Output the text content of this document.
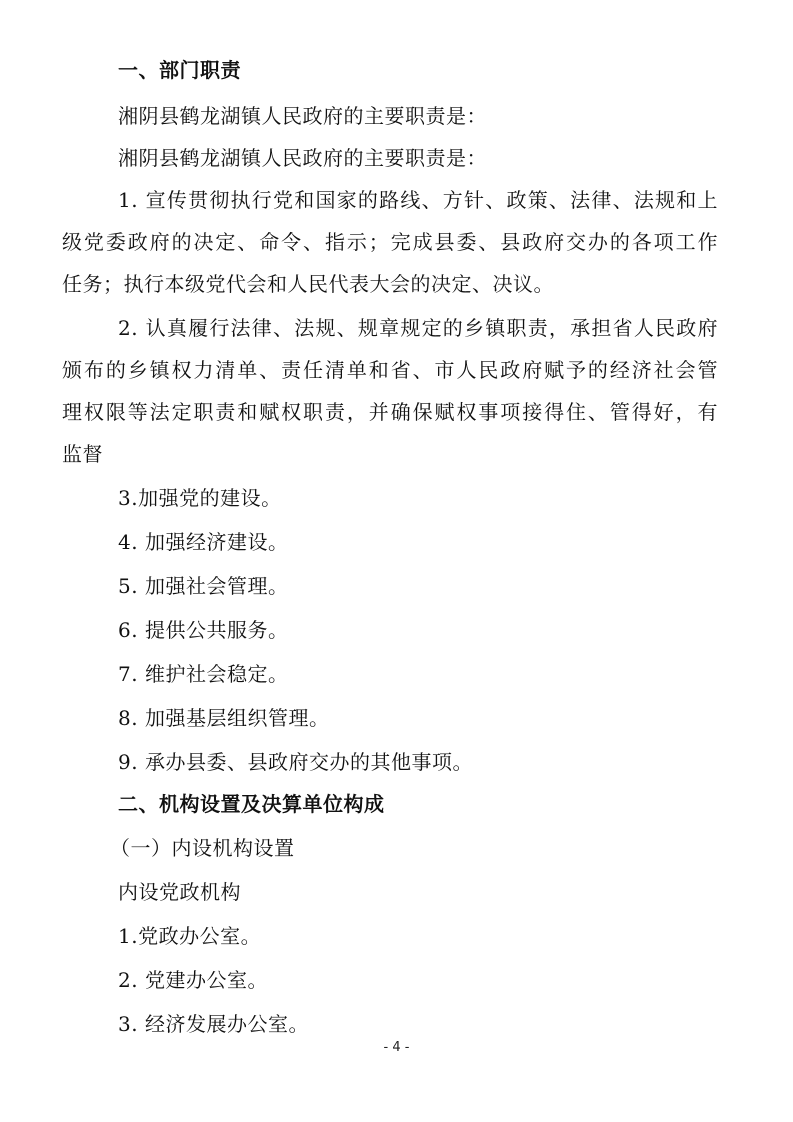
一、部门职责
湘阴县鹤龙湖镇人民政府的主要职责是：
湘阴县鹤龙湖镇人民政府的主要职责是：
1. 宣传贯彻执行党和国家的路线、方针、政策、法律、法规和上
级党委政府的决定、命令、指示；完成县委、县政府交办的各项工作
任务；执行本级党代会和人民代表大会的决定、决议。
2. 认真履行法律、法规、规章规定的乡镇职责，承担省人民政府
颁布的乡镇权力清单、责任清单和省、市人民政府赋予的经济社会管
理权限等法定职责和赋权职责，并确保赋权事项接得住、管得好，有
监督
3.加强党的建设。
4. 加强经济建设。
5. 加强社会管理。
6. 提供公共服务。
7. 维护社会稳定。
8. 加强基层组织管理。
9. 承办县委、县政府交办的其他事项。
二、机构设置及决算单位构成
（一）内设机构设置
内设党政机构
1.党政办公室。
2. 党建办公室。
3. 经济发展办公室。
- 4 -
